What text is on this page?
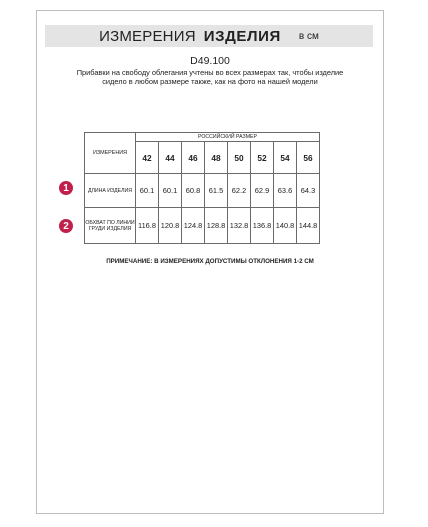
ИЗМЕРЕНИЯ ИЗДЕЛИЯ в см
D49.100
Прибавки на свободу облегания учтены во всех размерах так, чтобы изделие сидело в любом размере также, как на фото на нашей модели
1
2
ИЗМЕРЕНИЯ	РОССИЙСКИЙ РАЗМЕР							
	42	44	46	48	50	52	54	56
ДЛИНА ИЗДЕЛИЯ	60.1	60.1	60.8	61.5	62.2	62.9	63.6	64.3
ОБХВАТ ПО ЛИНИИ ГРУДИ ИЗДЕЛИЯ	116.8	120.8	124.8	128.8	132.8	136.8	140.8	144.8
ПРИМЕЧАНИЕ: В ИЗМЕРЕНИЯХ ДОПУСТИМЫ ОТКЛОНЕНИЯ 1-2 СМ
